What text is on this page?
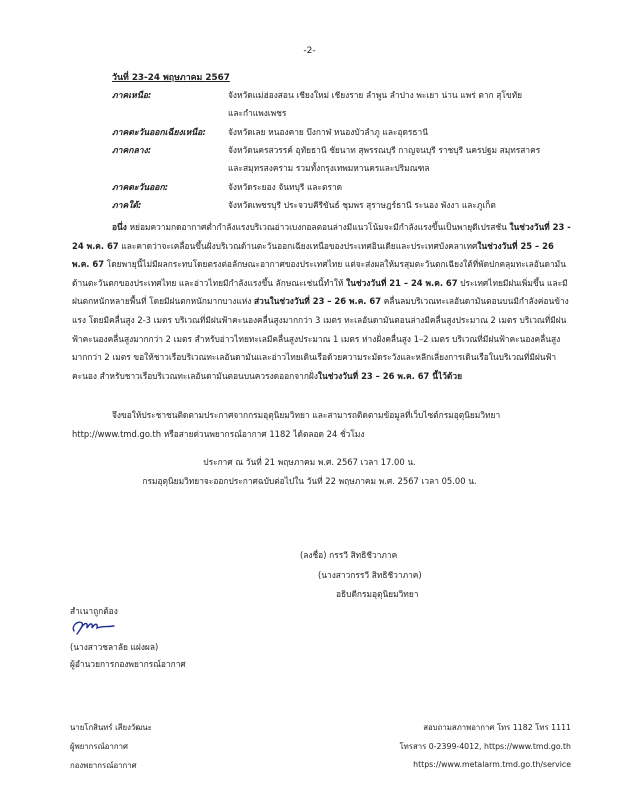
-2-
วันที่ 23-24 พฤษภาคม 2567
ภาคเหนือ:	จังหวัดแม่ฮ่องสอน เชียงใหม่ เชียงราย ลำพูน ลำปาง พะเยา น่าน แพร่ ตาก สุโขทัย
และกำแพงเพชร
ภาคตะวันออกเฉียงเหนือ:	จังหวัดเลย หนองคาย บึงกาฬ หนองบัวลำภู และอุดรธานี
ภาคกลาง:	จังหวัดนครสวรรค์ อุทัยธานี ชัยนาท สุพรรณบุรี กาญจนบุรี ราชบุรี นครปฐม สมุทรสาคร
และสมุทรสงคราม รวมทั้งกรุงเทพมหานครและปริมณฑล
ภาคตะวันออก:	จังหวัดระยอง จันทบุรี และตราด
ภาคใต้:	จังหวัดเพชรบุรี ประจวบคีรีขันธ์ ชุมพร สุราษฎร์ธานี ระนอง พังงา และภูเก็ต
อนึ่ง หย่อมความกดอากาศต่ำกำลังแรงบริเวณอ่าวเบงกอลตอนล่างมีแนวโน้มจะมีกำลังแรงขึ้นเป็นพายุดีเปรสชัน ในช่วงวันที่ 23 - 24 พ.ค. 67 และคาดว่าจะเคลื่อนขึ้นฝั่งบริเวณด้านตะวันออกเฉียงเหนือของประเทศอินเดียและประเทศบังคลาเทศในช่วงวันที่ 25 – 26 พ.ค. 67 โดยพายุนี้ไม่มีผลกระทบโดยตรงต่อลักษณะอากาศของประเทศไทย แต่จะส่งผลให้มรสุมตะวันตกเฉียงใต้ที่พัดปกคลุมทะเลอันดามัน ด้านตะวันตกของประเทศไทย และอ่าวไทยมีกำลังแรงขึ้น ลักษณะเช่นนี้ทำให้ ในช่วงวันที่ 21 – 24 พ.ค. 67 ประเทศไทยมีฝนเพิ่มขึ้น และมีฝนตกหนักหลายพื้นที่ โดยมีฝนตกหนักมากบางแห่ง ส่วนในช่วงวันที่ 23 – 26 พ.ค. 67 คลื่นลมบริเวณทะเลอันดามันตอนบนมีกำลังค่อนข้างแรง โดยมีคลื่นสูง 2-3 เมตร บริเวณที่มีฝนฟ้าคะนองคลื่นสูงมากกว่า 3 เมตร ทะเลอันดามันตอนล่างมีคลื่นสูงประมาณ 2 เมตร บริเวณที่มีฝนฟ้าคะนองคลื่นสูงมากกว่า 2 เมตร สำหรับอ่าวไทยทะเลมีคลื่นสูงประมาณ 1 เมตร ห่างฝั่งคลื่นสูง 1–2 เมตร บริเวณที่มีฝนฟ้าคะนองคลื่นสูงมากกว่า 2 เมตร ขอให้ชาวเรือบริเวณทะเลอันดามันและอ่าวไทยเดินเรือด้วยความระมัดระวังและหลีกเลี่ยงการเดินเรือในบริเวณที่มีฝนฟ้าคะนอง สำหรับชาวเรือบริเวณทะเลอันดามันตอนบนควรงดออกจากฝั่งในช่วงวันที่ 23 – 26 พ.ค. 67 นี้ไว้ด้วย
จึงขอให้ประชาชนติดตามประกาศจากกรมอุตุนิยมวิทยา และสามารถติดตามข้อมูลที่เว็บไซต์กรมอุตุนิยมวิทยา http://www.tmd.go.th หรือสายด่วนพยากรณ์อากาศ 1182 ได้ตลอด 24 ชั่วโมง
ประกาศ ณ วันที่ 21 พฤษภาคม พ.ศ. 2567 เวลา 17.00 น.
กรมอุตุนิยมวิทยาจะออกประกาศฉบับต่อไปใน วันที่ 22 พฤษภาคม พ.ศ. 2567 เวลา 05.00 น.
(ลงชื่อ) กรรวี สิทธิชีวาภาค
(นางสาวกรรวี สิทธิชีวาภาค)
อธิบดีกรมอุตุนิยมวิทยา
สำเนาถูกต้อง
(นางสาวชลาลัย แฝงผล)
ผู้อำนวยการกองพยากรณ์อากาศ
นายโกสินทร์ เสียงวัฒนะ
ผู้พยากรณ์อากาศ
กองพยากรณ์อากาศ
สอบถามสภาพอากาศ โทร 1182 โทร 1111
โทรสาร 0-2399-4012, https://www.tmd.go.th
https://www.metalarm.tmd.go.th/service
